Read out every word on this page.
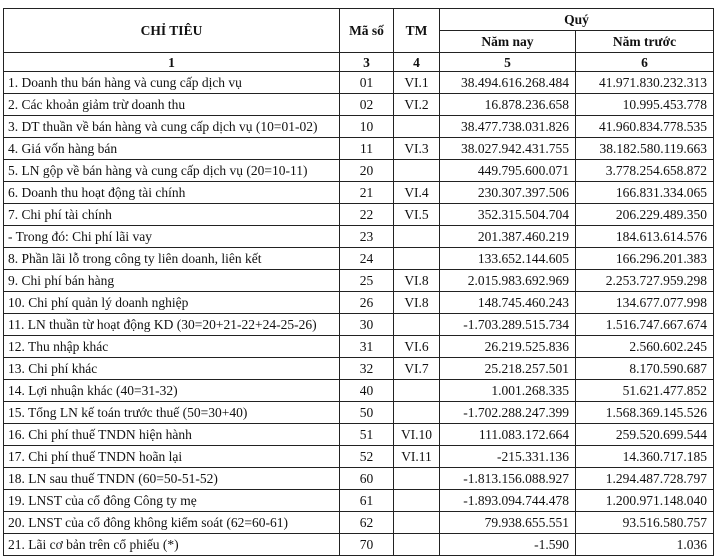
CHỈ TIÊU	Mã số	TM	Quý	
			Năm nay	Năm trước
1	3	4	5	6
1. Doanh thu bán hàng và cung cấp dịch vụ	01	VI.1	38.494.616.268.484	41.971.830.232.313
2. Các khoản giảm trừ doanh thu	02	VI.2	16.878.236.658	10.995.453.778
3. DT thuần về bán hàng và cung cấp dịch vụ (10=01-02)	10		38.477.738.031.826	41.960.834.778.535
4. Giá vốn hàng bán	11	VI.3	38.027.942.431.755	38.182.580.119.663
5. LN gộp về bán hàng và cung cấp dịch vụ (20=10-11)	20		449.795.600.071	3.778.254.658.872
6. Doanh thu hoạt động tài chính	21	VI.4	230.307.397.506	166.831.334.065
7. Chi phí tài chính	22	VI.5	352.315.504.704	206.229.489.350
- Trong đó: Chi phí lãi vay	23		201.387.460.219	184.613.614.576
8. Phần lãi lỗ trong công ty liên doanh, liên kết	24		133.652.144.605	166.296.201.383
9. Chi phí bán hàng	25	VI.8	2.015.983.692.969	2.253.727.959.298
10. Chi phí quản lý doanh nghiệp	26	VI.8	148.745.460.243	134.677.077.998
11. LN thuần từ hoạt động KD (30=20+21-22+24-25-26)	30		-1.703.289.515.734	1.516.747.667.674
12. Thu nhập khác	31	VI.6	26.219.525.836	2.560.602.245
13. Chi phí khác	32	VI.7	25.218.257.501	8.170.590.687
14. Lợi nhuận khác (40=31-32)	40		1.001.268.335	51.621.477.852
15. Tổng LN kế toán trước thuế (50=30+40)	50		-1.702.288.247.399	1.568.369.145.526
16. Chi phí thuế TNDN hiện hành	51	VI.10	111.083.172.664	259.520.699.544
17. Chi phí thuế TNDN hoãn lại	52	VI.11	-215.331.136	14.360.717.185
18. LN sau thuế TNDN (60=50-51-52)	60		-1.813.156.088.927	1.294.487.728.797
19. LNST của cổ đông Công ty mẹ	61		-1.893.094.744.478	1.200.971.148.040
20. LNST của cổ đông không kiểm soát (62=60-61)	62		79.938.655.551	93.516.580.757
21. Lãi cơ bản trên cổ phiếu (*)	70		-1.590	1.036
